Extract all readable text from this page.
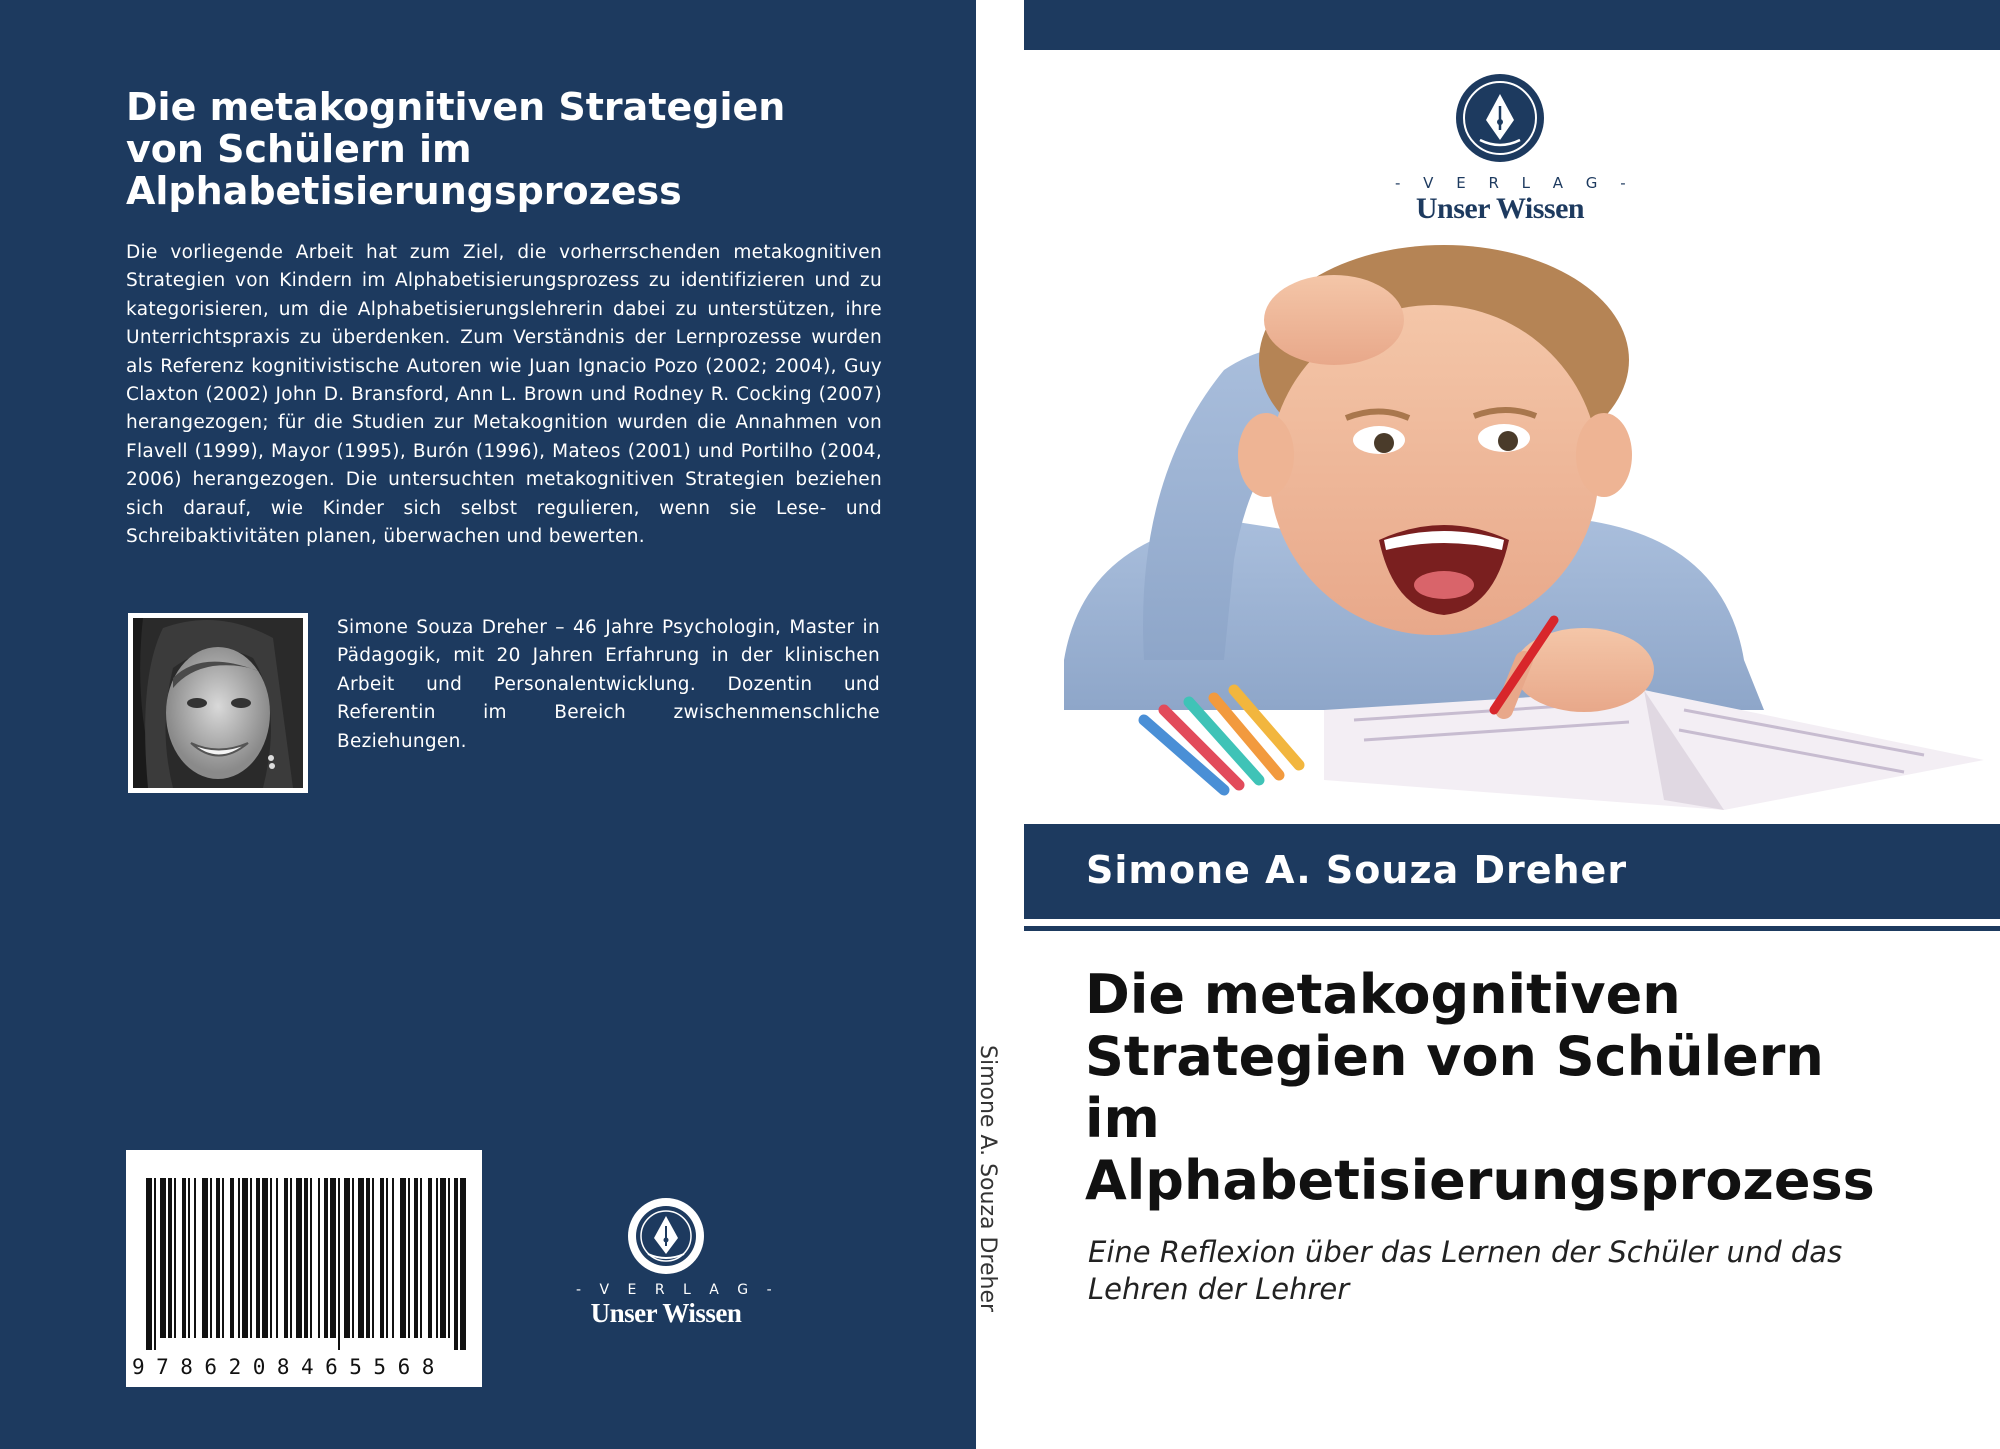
Die metakognitiven Strategien
von Schülern im
Alphabetisierungsprozess
Die vorliegende Arbeit hat zum Ziel, die vorherrschenden metakognitiven Strategien von Kindern im Alphabetisierungsprozess zu identifizieren und zu kategorisieren, um die Alphabetisierungslehrerin dabei zu unterstützen, ihre Unterrichtspraxis zu überdenken. Zum Verständnis der Lernprozesse wurden als Referenz kognitivistische Autoren wie Juan Ignacio Pozo (2002; 2004), Guy Claxton (2002) John D. Bransford, Ann L. Brown und Rodney R. Cocking (2007) herangezogen; für die Studien zur Metakognition wurden die Annahmen von Flavell (1999), Mayor (1995), Burón (1996), Mateos (2001) und Portilho (2004, 2006) herangezogen. Die untersuchten metakognitiven Strategien beziehen sich darauf, wie Kinder sich selbst regulieren, wenn sie Lese- und Schreibaktivitäten planen, überwachen und bewerten.
Simone Souza Dreher – 46 Jahre Psychologin, Master in Pädagogik, mit 20 Jahren Erfahrung in der klinischen Arbeit und Personalentwicklung. Dozentin und Referentin im Bereich zwischenmenschliche Beziehungen.
9786208465568
- V E R L A G -
Unser Wissen
Simone A. Souza Dreher
- V E R L A G -
Unser Wissen
Simone A. Souza Dreher
Die metakognitiven
Strategien von Schülern
im
Alphabetisierungsprozess
Eine Reflexion über das Lernen der Schüler und das Lehren der Lehrer
